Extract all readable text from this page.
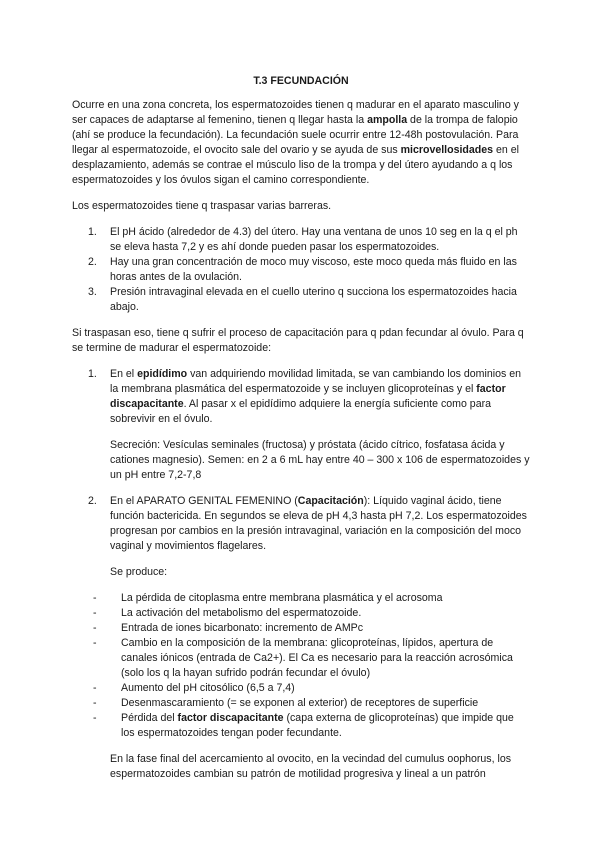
T.3 FECUNDACIÓN

Ocurre en una zona concreta, los espermatozoides tienen q madurar en el aparato masculino y ser capaces de adaptarse al femenino, tienen q llegar hasta la ampolla de la trompa de falopio (ahí se produce la fecundación). La fecundación suele ocurrir entre 12-48h postovulación. Para llegar al espermatozoide, el ovocito sale del ovario y se ayuda de sus microvellosidades en el desplazamiento, además se contrae el músculo liso de la trompa y del útero ayudando a q los espermatozoides y los óvulos sigan el camino correspondiente.

Los espermatozoides tiene q traspasar varias barreras.

1. El pH ácido (alrededor de 4.3) del útero. Hay una ventana de unos 10 seg en la q el ph se eleva hasta 7,2 y es ahí donde pueden pasar los espermatozoides.
2. Hay una gran concentración de moco muy viscoso, este moco queda más fluido en las horas antes de la ovulación.
3. Presión intravaginal elevada en el cuello uterino q succiona los espermatozoides hacia abajo.

Si traspasan eso, tiene q sufrir el proceso de capacitación para q pdan fecundar al óvulo. Para q se termine de madurar el espermatozoide:

1. En el epidídimo van adquiriendo movilidad limitada, se van cambiando los dominios en la membrana plasmática del espermatozoide y se incluyen glicoproteínas y el factor discapacitante. Al pasar x el epidídimo adquiere la energía suficiente como para sobrevivir en el óvulo.

Secreción: Vesículas seminales (fructosa) y próstata (ácido cítrico, fosfatasa ácida y cationes magnesio). Semen: en 2 a 6 mL hay entre 40 – 300 x 106 de espermatozoides y un pH entre 7,2-7,8

2. En el APARATO GENITAL FEMENINO (Capacitación): Líquido vaginal ácido, tiene función bactericida. En segundos se eleva de pH 4,3 hasta pH 7,2. Los espermatozoides progresan por cambios en la presión intravaginal, variación en la composición del moco vaginal y movimientos flagelares.

Se produce:

- La pérdida de citoplasma entre membrana plasmática y el acrosoma
- La activación del metabolismo del espermatozoide.
- Entrada de iones bicarbonato: incremento de AMPc
- Cambio en la composición de la membrana: glicoproteínas, lípidos, apertura de canales iónicos (entrada de Ca2+). El Ca es necesario para la reacción acrosómica (solo los q la hayan sufrido podrán fecundar el óvulo)
- Aumento del pH citosólico (6,5 a 7,4)
- Desenmascaramiento (= se exponen al exterior) de receptores de superficie
- Pérdida del factor discapacitante (capa externa de glicoproteínas) que impide que los espermatozoides tengan poder fecundante.

En la fase final del acercamiento al ovocito, en la vecindad del cumulus oophorus, los espermatozoides cambian su patrón de motilidad progresiva y lineal a un patrón
